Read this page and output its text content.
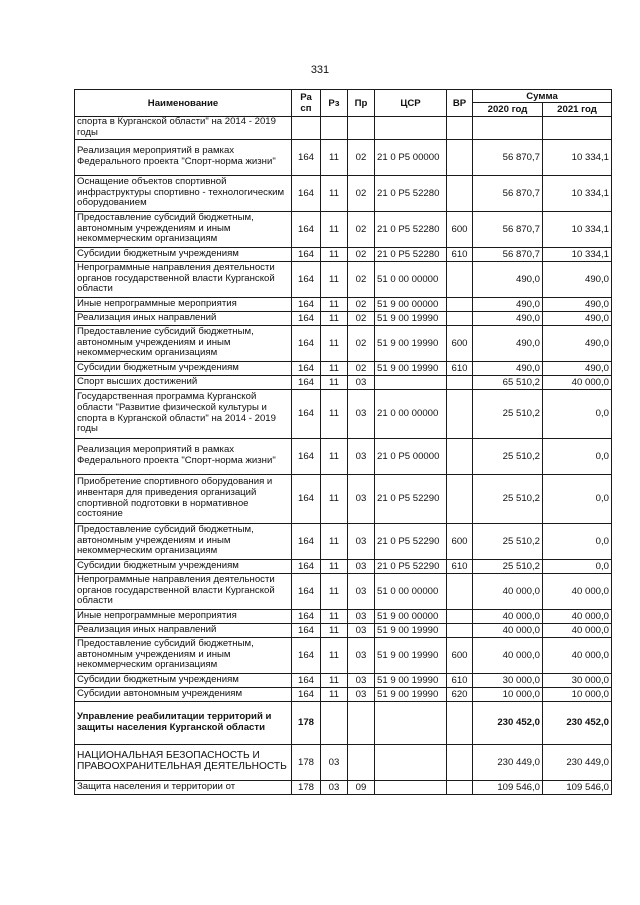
331
Наименование	Ра сп	Рз	Пр	ЦСР	ВР	Сумма	
						2020 год	2021 год
спорта в Курганской области" на 2014 - 2019 годы							
Реализация мероприятий в рамках Федерального проекта "Спорт-норма жизни"	164	11	02	21 0 P5 00000		56 870,7	10 334,1
Оснащение объектов спортивной инфраструктуры спортивно - технологическим оборудованием	164	11	02	21 0 P5 52280		56 870,7	10 334,1
Предоставление субсидий бюджетным, автономным учреждениям и иным некоммерческим организациям	164	11	02	21 0 P5 52280	600	56 870,7	10 334,1
Субсидии бюджетным учреждениям	164	11	02	21 0 P5 52280	610	56 870,7	10 334,1
Непрограммные направления деятельности органов государственной власти Курганской области	164	11	02	51 0 00 00000		490,0	490,0
Иные непрограммные мероприятия	164	11	02	51 9 00 00000		490,0	490,0
Реализация иных направлений	164	11	02	51 9 00 19990		490,0	490,0
Предоставление субсидий бюджетным, автономным учреждениям и иным некоммерческим организациям	164	11	02	51 9 00 19990	600	490,0	490,0
Субсидии бюджетным учреждениям	164	11	02	51 9 00 19990	610	490,0	490,0
Спорт высших достижений	164	11	03			65 510,2	40 000,0
Государственная программа Курганской области "Развитие физической культуры и спорта в Курганской области" на 2014 - 2019 годы	164	11	03	21 0 00 00000		25 510,2	0,0
Реализация мероприятий в рамках Федерального проекта "Спорт-норма жизни"	164	11	03	21 0 P5 00000		25 510,2	0,0
Приобретение спортивного оборудования и инвентаря для приведения организаций спортивной подготовки в нормативное состояние	164	11	03	21 0 P5 52290		25 510,2	0,0
Предоставление субсидий бюджетным, автономным учреждениям и иным некоммерческим организациям	164	11	03	21 0 P5 52290	600	25 510,2	0,0
Субсидии бюджетным учреждениям	164	11	03	21 0 P5 52290	610	25 510,2	0,0
Непрограммные направления деятельности органов государственной власти Курганской области	164	11	03	51 0 00 00000		40 000,0	40 000,0
Иные непрограммные мероприятия	164	11	03	51 9 00 00000		40 000,0	40 000,0
Реализация иных направлений	164	11	03	51 9 00 19990		40 000,0	40 000,0
Предоставление субсидий бюджетным, автономным учреждениям и иным некоммерческим организациям	164	11	03	51 9 00 19990	600	40 000,0	40 000,0
Субсидии бюджетным учреждениям	164	11	03	51 9 00 19990	610	30 000,0	30 000,0
Субсидии автономным учреждениям	164	11	03	51 9 00 19990	620	10 000,0	10 000,0
Управление реабилитации территорий и защиты населения Курганской области	178					230 452,0	230 452,0
НАЦИОНАЛЬНАЯ БЕЗОПАСНОСТЬ И ПРАВООХРАНИТЕЛЬНАЯ ДЕЯТЕЛЬНОСТЬ	178	03				230 449,0	230 449,0
Защита населения и территории от	178	03	09			109 546,0	109 546,0
